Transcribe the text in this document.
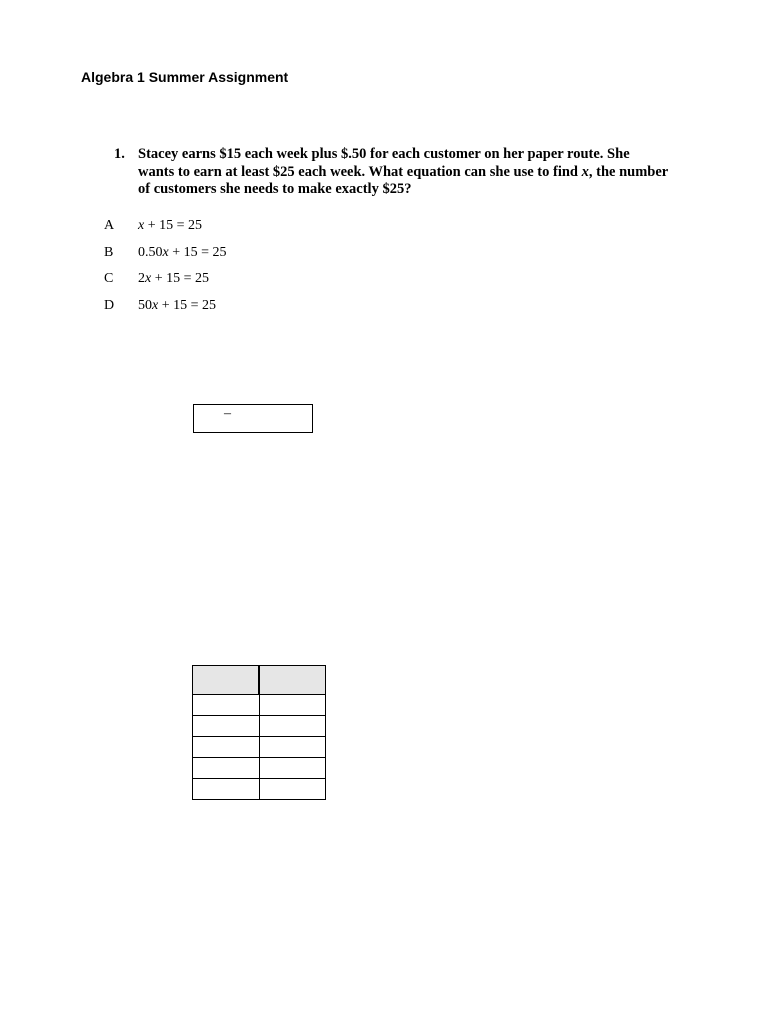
Algebra 1 Summer Assignment
1. Stacey earns $15 each week plus $.50 for each customer on her paper route. She wants to earn at least $25 each week. What equation can she use to find x, the number of customers she needs to make exactly $25?
A	x + 15 = 25
B	0.50x + 15 = 25
C	2x + 15 = 25
D	50x + 15 = 25
–
